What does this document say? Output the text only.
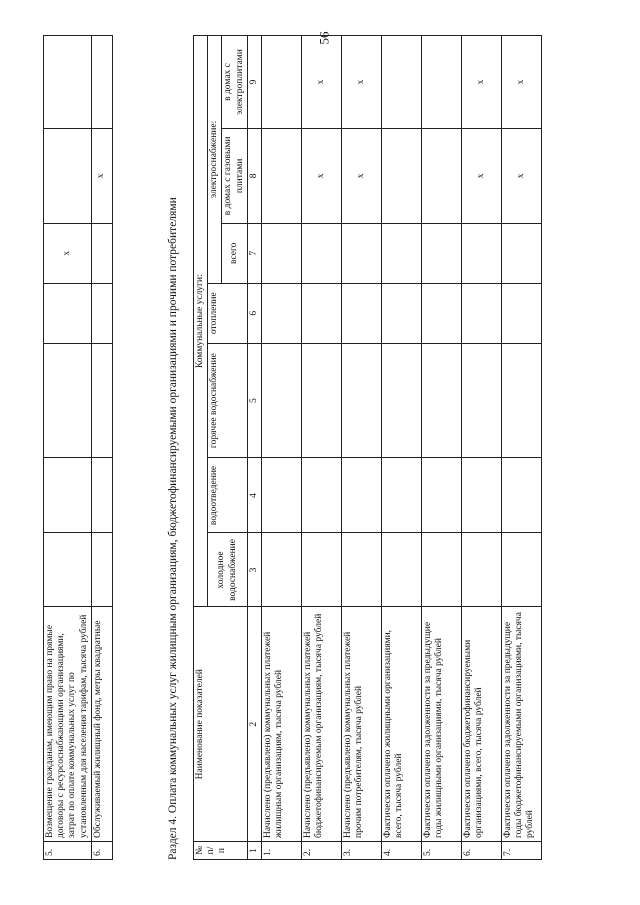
56
5.	Возмещение гражданам, имеющим право на прямые договоры с ресурсоснабжающими организациями, затрат по оплате коммунальных услуг по установленным для населения тарифам, тысяча рублей					х		
6.	Обслуживаемый жилищный фонд, метры квадратные						х	
Раздел 4. Оплата коммунальных услуг жилищным организациям, бюджетофинансируемыми организациями и прочими потребителями № п/п	Наименование показателей	Коммунальные услуги:						
		холодное водоснабжение	водоотведение	горячее водоснабжение	отопление	электроснабжение:		
						всего	в домах с газовыми плитами	в домах с электроплитами
1	2	3	4	5	6	7	8	9
1.	Начислено (предъявлено) коммунальных платежей жилищным организациям, тысяча рублей							
2.	Начислено (предъявлено) коммунальных платежей бюджетофинансируемым организациям, тысяча рублей						х	х
3.	Начислено (предъявлено) коммунальных платежей прочим потребителям, тысяча рублей						х	х
4.	Фактически оплачено жилищными организациями, всего, тысяча рублей							
5.	Фактически оплачено задолженности за предыдущие годы жилищными организациями, тысяча рублей							
6.	Фактически оплачено бюджетофинансируемыми организациями, всего, тысяча рублей						х	х
7.	Фактически оплачено задолженности за предыдущие годы бюджетофинансируемыми организациями, тысяча рублей						х	х
